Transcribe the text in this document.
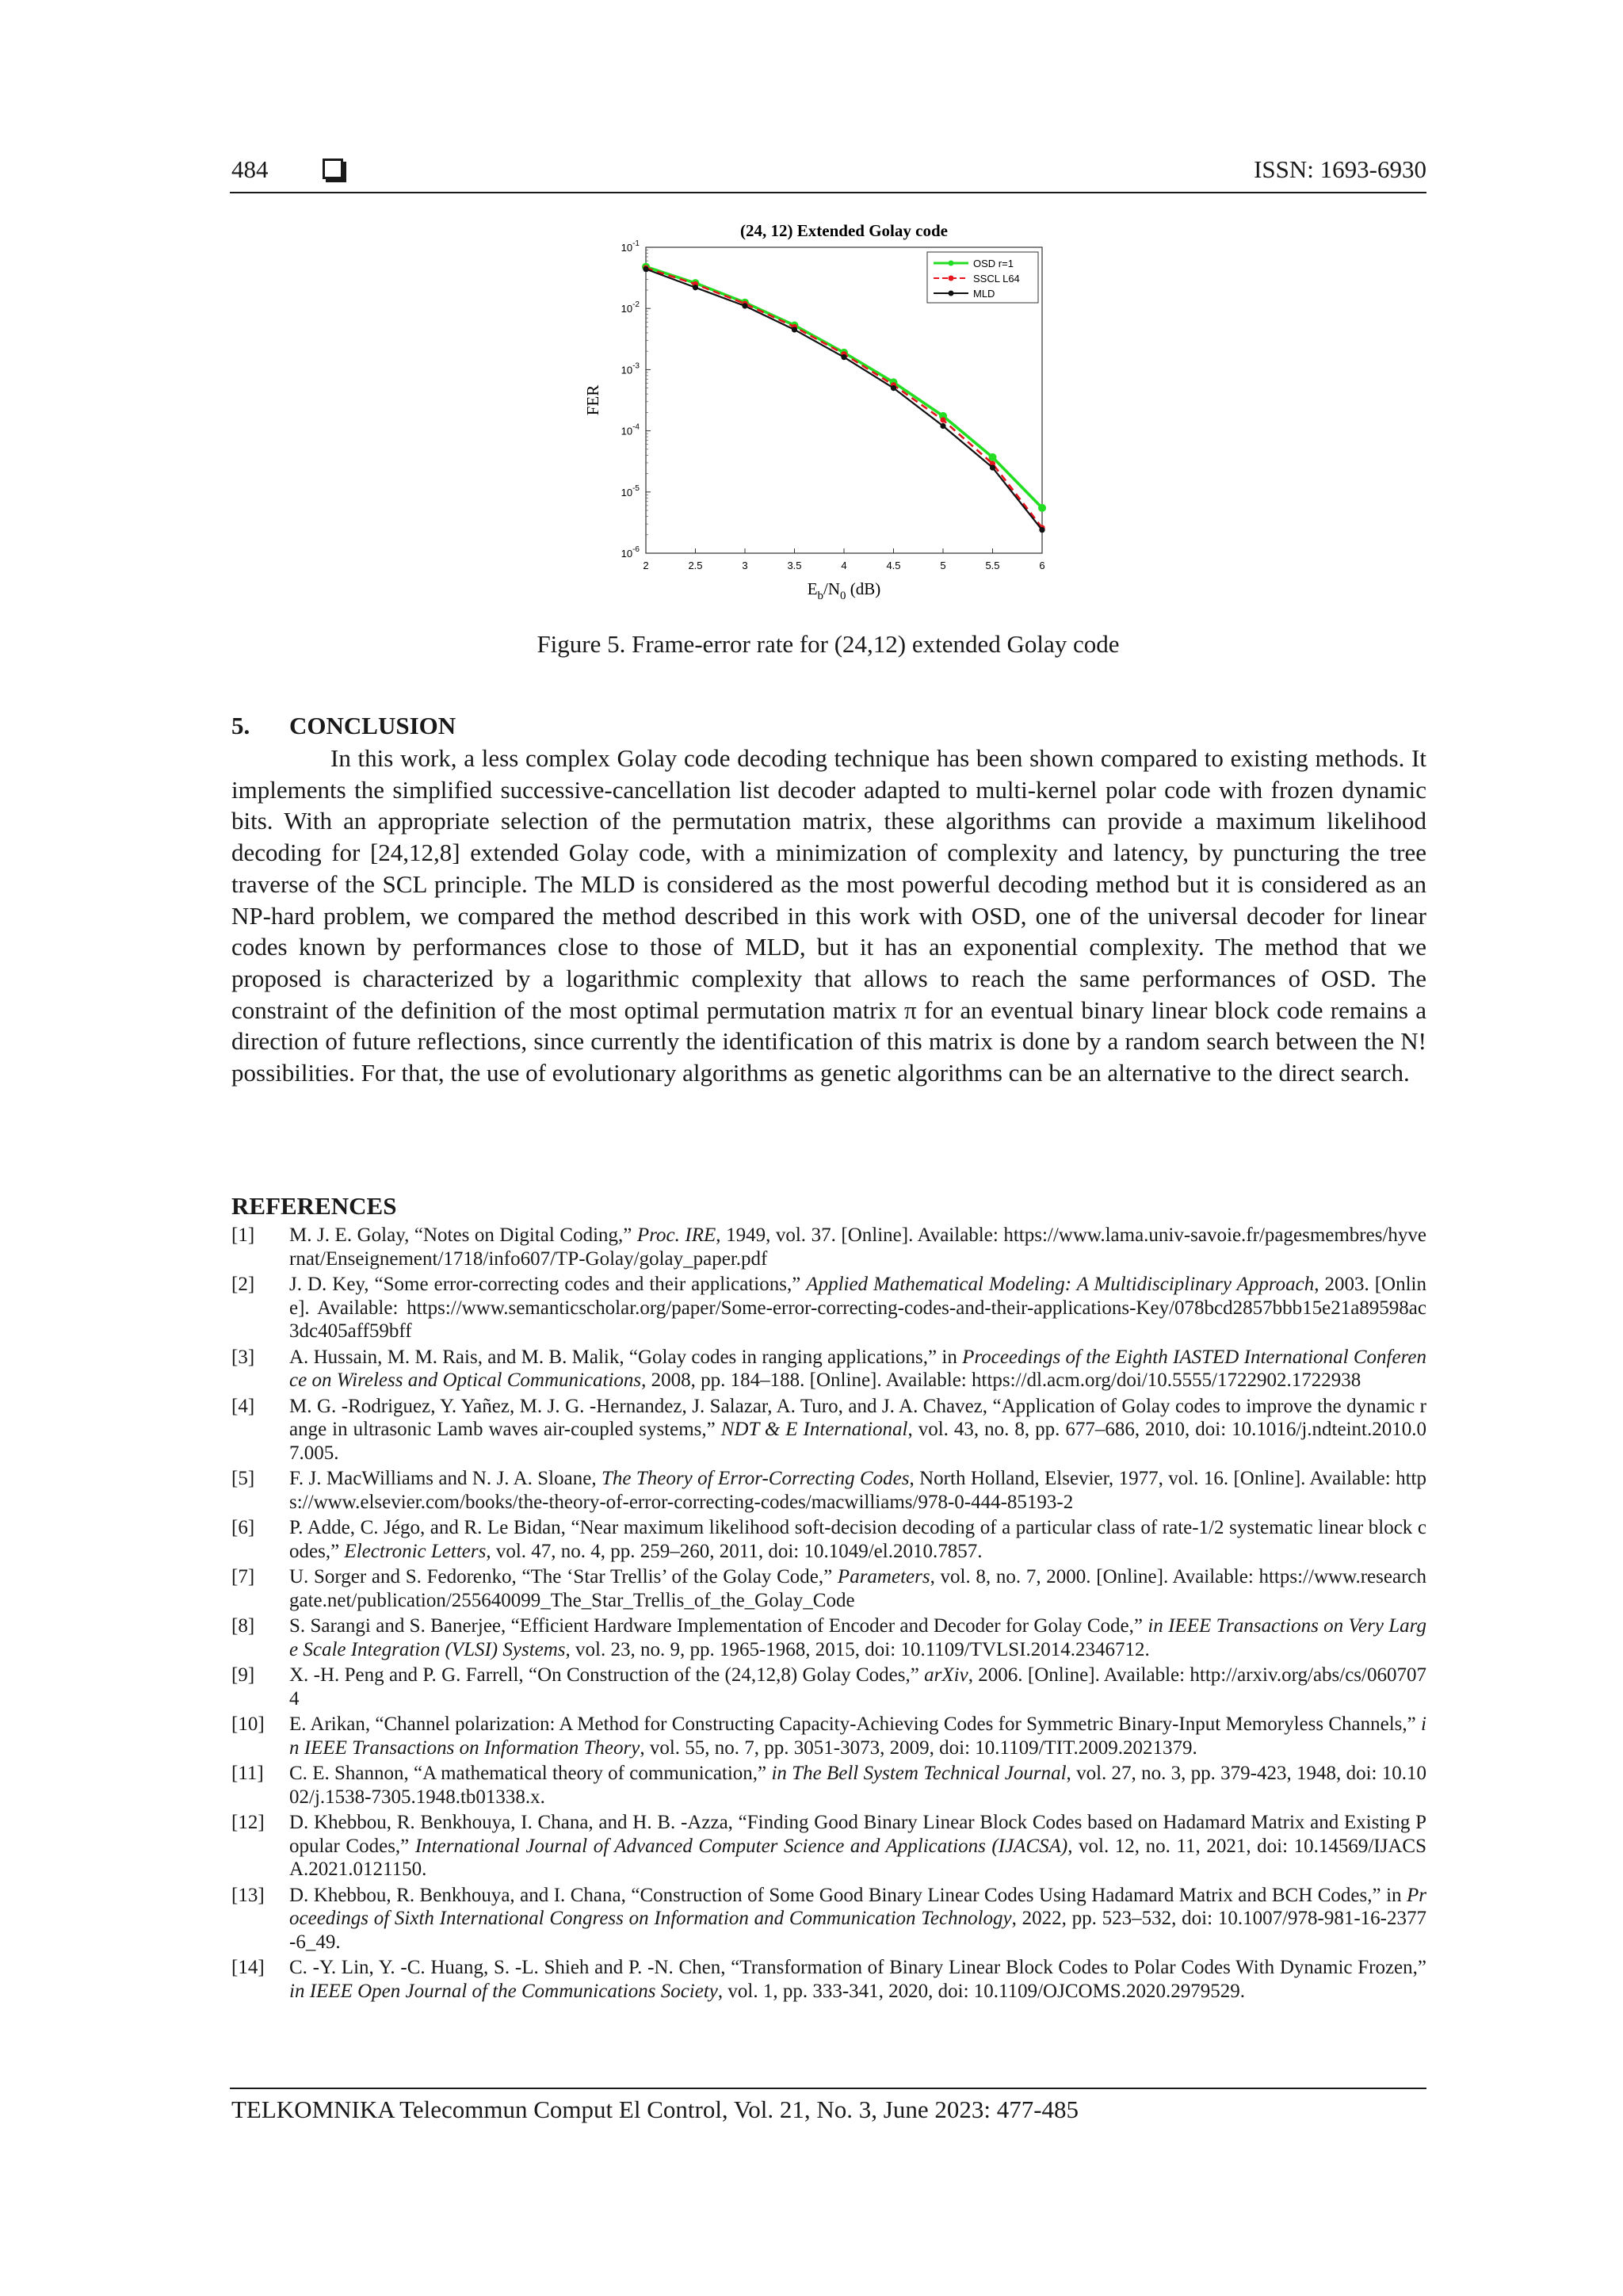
484	ISSN: 1693-6930
(24, 12) Extended Golay code
2	2.5	3	3.5	4	4.5	5	5.5	6
$10^{-1}$
$10^{-2}$
$10^{-3}$
$10^{-4}$
$10^{-5}$
$10^{-6}$
FER
$E_b/N_0$ (dB)
OSD r=1
SSCL L64
MLD
Figure 5. Frame-error rate for (24,12) extended Golay code
5. CONCLUSION

In this work, a less complex Golay code decoding technique has been shown compared to existing methods. It implements the simplified successive-cancellation list decoder adapted to multi-kernel polar code with frozen dynamic bits. With an appropriate selection of the permutation matrix, these algorithms can provide a maximum likelihood decoding for [24,12,8] extended Golay code, with a minimization of complexity and latency, by puncturing the tree traverse of the SCL principle. The MLD is considered as the most powerful decoding method but it is considered as an NP-hard problem, we compared the method described in this work with OSD, one of the universal decoder for linear codes known by performances close to those of MLD, but it has an exponential complexity. The method that we proposed is characterized by a logarithmic complexity that allows to reach the same performances of OSD. The constraint of the definition of the most optimal permutation matrix π for an eventual binary linear block code remains a direction of future reflections, since currently the identification of this matrix is done by a random search between the N! possibilities. For that, the use of evolutionary algorithms as genetic algorithms can be an alternative to the direct search.

REFERENCES
[1]	M. J. E. Golay, “Notes on Digital Coding,” Proc. IRE, 1949, vol. 37. [Online]. Available: https://www.lama.univ-savoie.fr/pagesmembres/hyvernat/Enseignement/1718/info607/TP-Golay/golay_paper.pdf
[2]	J. D. Key, “Some error-correcting codes and their applications,” Applied Mathematical Modeling: A Multidisciplinary Approach, 2003. [Online]. Available: https://www.semanticscholar.org/paper/Some-error-correcting-codes-and-their-applications-Key/078bcd2857bbb15e21a89598ac3dc405aff59bff
[3]	A. Hussain, M. M. Rais, and M. B. Malik, “Golay codes in ranging applications,” in Proceedings of the Eighth IASTED International Conference on Wireless and Optical Communications, 2008, pp. 184–188. [Online]. Available: https://dl.acm.org/doi/10.5555/1722902.1722938
[4]	M. G. -Rodriguez, Y. Yañez, M. J. G. -Hernandez, J. Salazar, A. Turo, and J. A. Chavez, “Application of Golay codes to improve the dynamic range in ultrasonic Lamb waves air-coupled systems,” NDT & E International, vol. 43, no. 8, pp. 677–686, 2010, doi: 10.1016/j.ndteint.2010.07.005.
[5]	F. J. MacWilliams and N. J. A. Sloane, The Theory of Error-Correcting Codes, North Holland, Elsevier, 1977, vol. 16. [Online]. Available: https://www.elsevier.com/books/the-theory-of-error-correcting-codes/macwilliams/978-0-444-85193-2
[6]	P. Adde, C. Jégo, and R. Le Bidan, “Near maximum likelihood soft-decision decoding of a particular class of rate-1/2 systematic linear block codes,” Electronic Letters, vol. 47, no. 4, pp. 259–260, 2011, doi: 10.1049/el.2010.7857.
[7]	U. Sorger and S. Fedorenko, “The ‘Star Trellis’ of the Golay Code,” Parameters, vol. 8, no. 7, 2000. [Online]. Available: https://www.researchgate.net/publication/255640099_The_Star_Trellis_of_the_Golay_Code
[8]	S. Sarangi and S. Banerjee, “Efficient Hardware Implementation of Encoder and Decoder for Golay Code,” in IEEE Transactions on Very Large Scale Integration (VLSI) Systems, vol. 23, no. 9, pp. 1965-1968, 2015, doi: 10.1109/TVLSI.2014.2346712.
[9]	X. -H. Peng and P. G. Farrell, “On Construction of the (24,12,8) Golay Codes,” arXiv, 2006. [Online]. Available: http://arxiv.org/abs/cs/0607074
[10]	E. Arikan, “Channel polarization: A Method for Constructing Capacity-Achieving Codes for Symmetric Binary-Input Memoryless Channels,” in IEEE Transactions on Information Theory, vol. 55, no. 7, pp. 3051-3073, 2009, doi: 10.1109/TIT.2009.2021379.
[11]	C. E. Shannon, “A mathematical theory of communication,” in The Bell System Technical Journal, vol. 27, no. 3, pp. 379-423, 1948, doi: 10.1002/j.1538-7305.1948.tb01338.x.
[12]	D. Khebbou, R. Benkhouya, I. Chana, and H. B. -Azza, “Finding Good Binary Linear Block Codes based on Hadamard Matrix and Existing Popular Codes,” International Journal of Advanced Computer Science and Applications (IJACSA), vol. 12, no. 11, 2021, doi: 10.14569/IJACSA.2021.0121150.
[13]	D. Khebbou, R. Benkhouya, and I. Chana, “Construction of Some Good Binary Linear Codes Using Hadamard Matrix and BCH Codes,” in Proceedings of Sixth International Congress on Information and Communication Technology, 2022, pp. 523–532, doi: 10.1007/978-981-16-2377-6_49.
[14]	C. -Y. Lin, Y. -C. Huang, S. -L. Shieh and P. -N. Chen, “Transformation of Binary Linear Block Codes to Polar Codes With Dynamic Frozen,” in IEEE Open Journal of the Communications Society, vol. 1, pp. 333-341, 2020, doi: 10.1109/OJCOMS.2020.2979529.
TELKOMNIKA Telecommun Comput El Control, Vol. 21, No. 3, June 2023: 477-485
